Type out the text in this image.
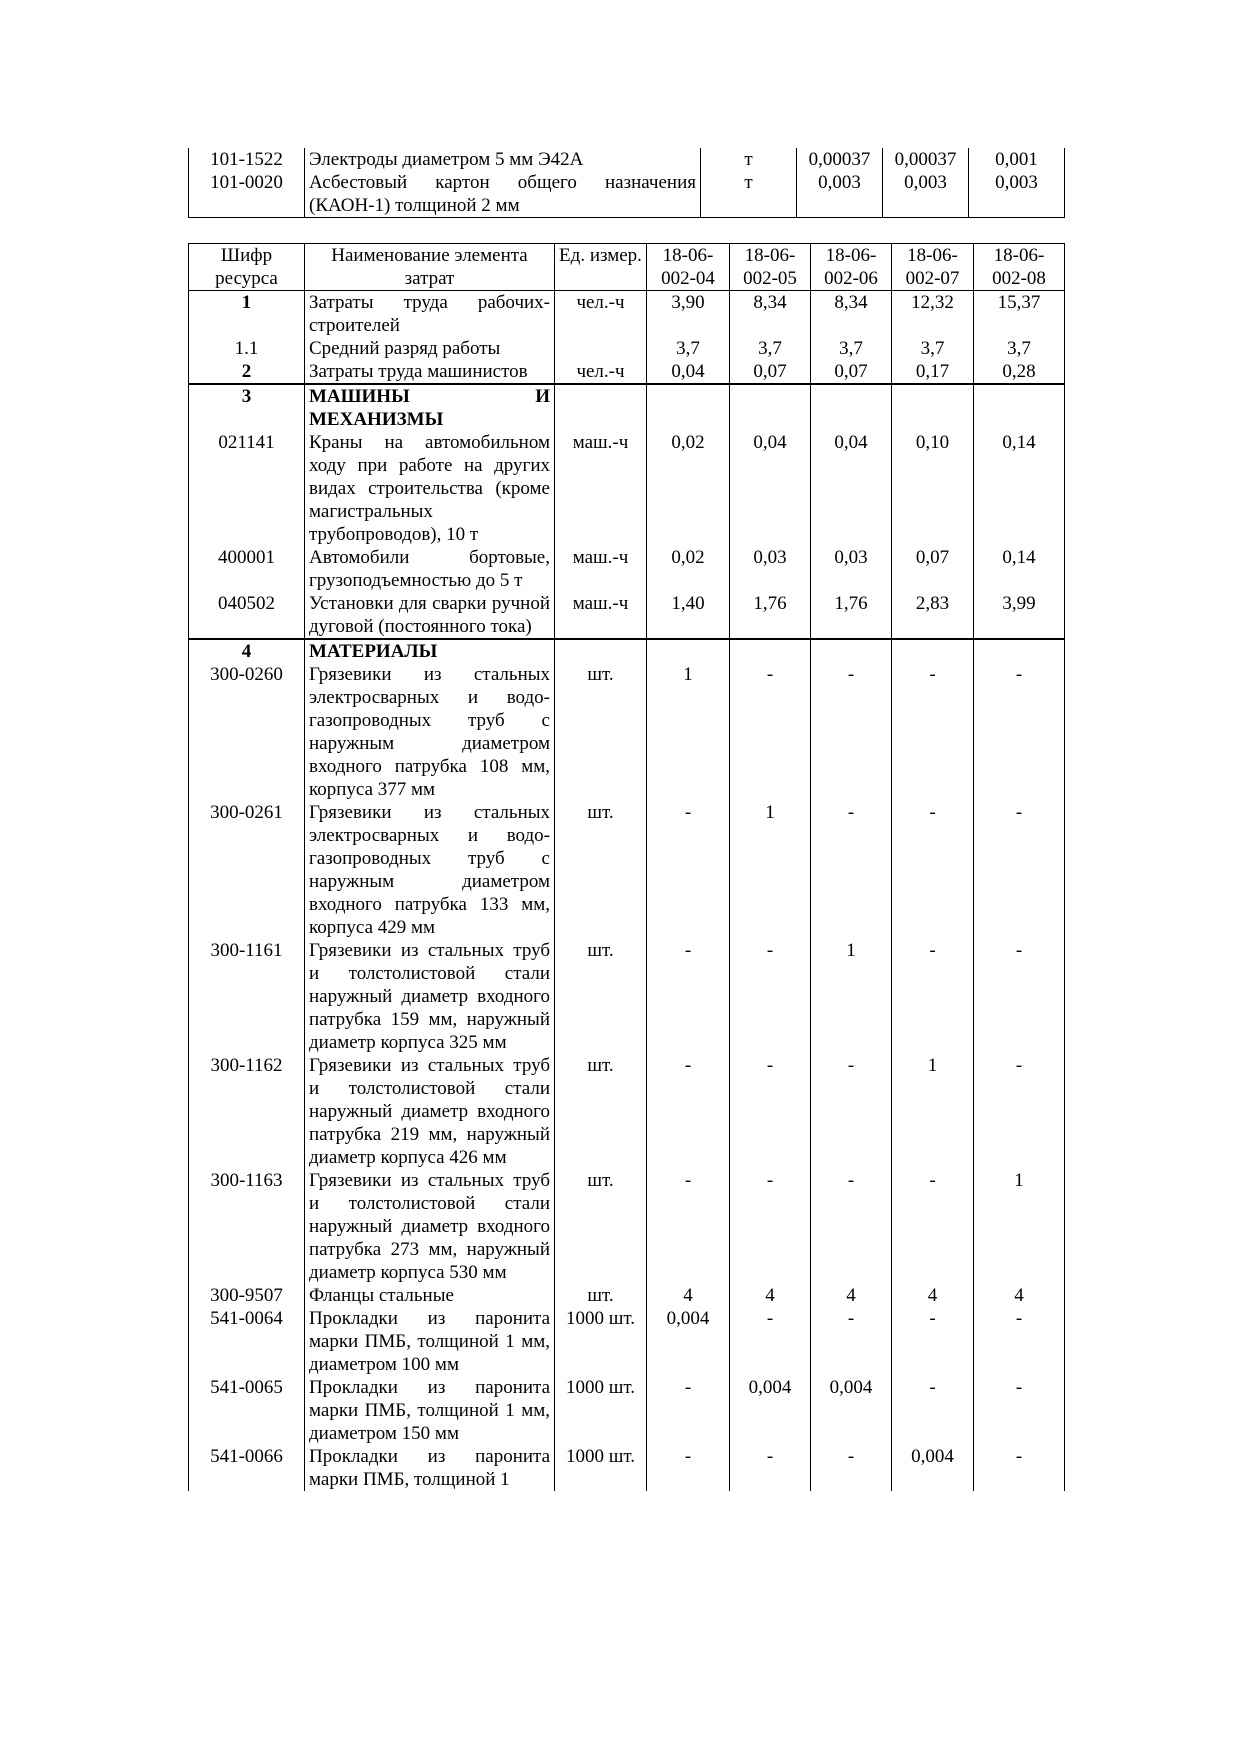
101-1522	Электроды диаметром 5 мм Э42А	т	0,00037	0,00037	0,001
101-0020	Асбестовый картон общего назначения (КАОН-1) толщиной 2 мм	т	0,003	0,003	0,003
Шифр ресурса	Наименование элемента затрат	Ед. измер.	18-06-002-04	18-06-002-05	18-06-002-06	18-06-002-07	18-06-002-08
1	Затраты труда рабочих-строителей	чел.-ч	3,90	8,34	8,34	12,32	15,37
1.1	Средний разряд работы		3,7	3,7	3,7	3,7	3,7
2	Затраты труда машинистов	чел.-ч	0,04	0,07	0,07	0,17	0,28
3	МАШИНЫ И МЕХАНИЗМЫ						
021141	Краны на автомобильном ходу при работе на других видах строительства (кроме магистральных трубопроводов), 10 т	маш.-ч	0,02	0,04	0,04	0,10	0,14
400001	Автомобили бортовые, грузоподъемностью до 5 т	маш.-ч	0,02	0,03	0,03	0,07	0,14
040502	Установки для сварки ручной дуговой (постоянного тока)	маш.-ч	1,40	1,76	1,76	2,83	3,99
4	МАТЕРИАЛЫ						
300-0260	Грязевики из стальных электросварных и водо-газопроводных труб с наружным диаметром входного патрубка 108 мм, корпуса 377 мм	шт.	1	-	-	-	-
300-0261	Грязевики из стальных электросварных и водо-газопроводных труб с наружным диаметром входного патрубка 133 мм, корпуса 429 мм	шт.	-	1	-	-	-
300-1161	Грязевики из стальных труб и толстолистовой стали наружный диаметр входного патрубка 159 мм, наружный диаметр корпуса 325 мм	шт.	-	-	1	-	-
300-1162	Грязевики из стальных труб и толстолистовой стали наружный диаметр входного патрубка 219 мм, наружный диаметр корпуса 426 мм	шт.	-	-	-	1	-
300-1163	Грязевики из стальных труб и толстолистовой стали наружный диаметр входного патрубка 273 мм, наружный диаметр корпуса 530 мм	шт.	-	-	-	-	1
300-9507	Фланцы стальные	шт.	4	4	4	4	4
541-0064	Прокладки из паронита марки ПМБ, толщиной 1 мм, диаметром 100 мм	1000 шт.	0,004	-	-	-	-
541-0065	Прокладки из паронита марки ПМБ, толщиной 1 мм, диаметром 150 мм	1000 шт.	-	0,004	0,004	-	-
541-0066	Прокладки из паронита марки ПМБ, толщиной 1	1000 шт.	-	-	-	0,004	-
